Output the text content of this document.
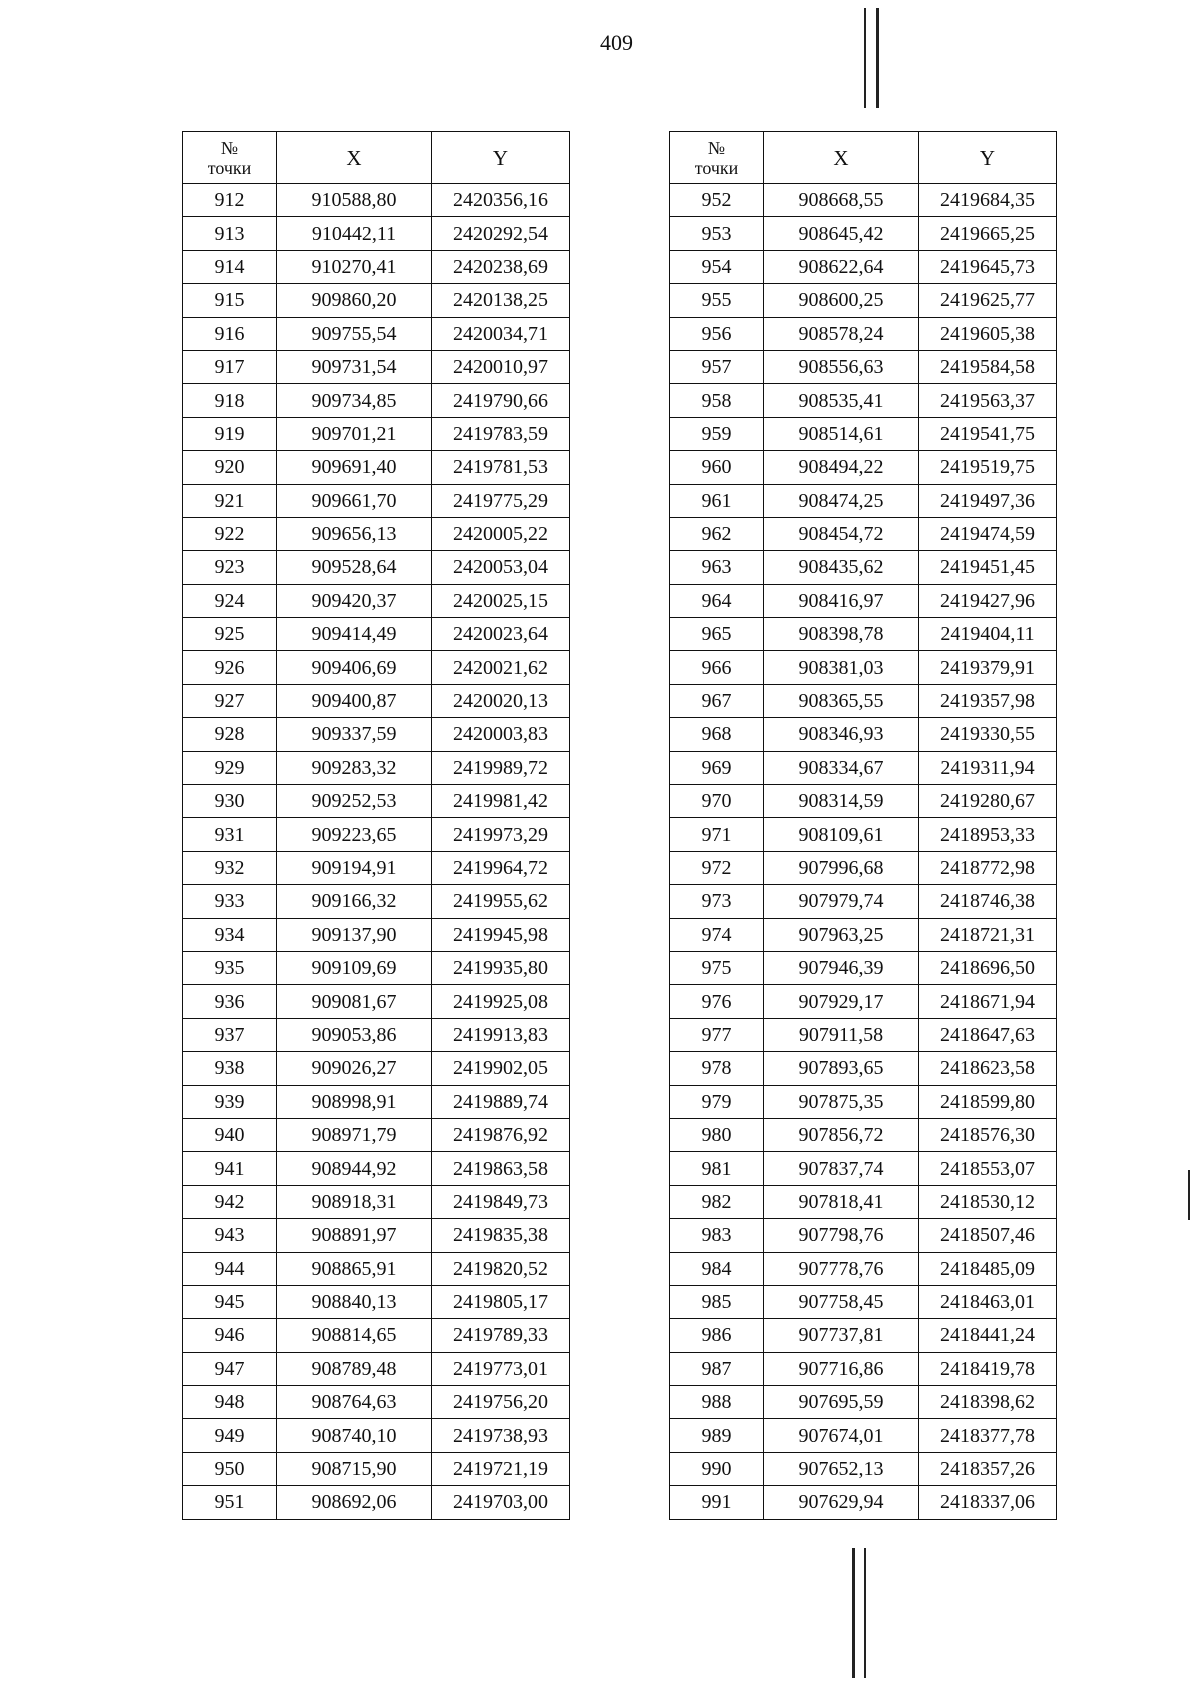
409
№
точки	X	Y
912	910588,80	2420356,16
913	910442,11	2420292,54
914	910270,41	2420238,69
915	909860,20	2420138,25
916	909755,54	2420034,71
917	909731,54	2420010,97
918	909734,85	2419790,66
919	909701,21	2419783,59
920	909691,40	2419781,53
921	909661,70	2419775,29
922	909656,13	2420005,22
923	909528,64	2420053,04
924	909420,37	2420025,15
925	909414,49	2420023,64
926	909406,69	2420021,62
927	909400,87	2420020,13
928	909337,59	2420003,83
929	909283,32	2419989,72
930	909252,53	2419981,42
931	909223,65	2419973,29
932	909194,91	2419964,72
933	909166,32	2419955,62
934	909137,90	2419945,98
935	909109,69	2419935,80
936	909081,67	2419925,08
937	909053,86	2419913,83
938	909026,27	2419902,05
939	908998,91	2419889,74
940	908971,79	2419876,92
941	908944,92	2419863,58
942	908918,31	2419849,73
943	908891,97	2419835,38
944	908865,91	2419820,52
945	908840,13	2419805,17
946	908814,65	2419789,33
947	908789,48	2419773,01
948	908764,63	2419756,20
949	908740,10	2419738,93
950	908715,90	2419721,19
951	908692,06	2419703,00
№
точки	X	Y
952	908668,55	2419684,35
953	908645,42	2419665,25
954	908622,64	2419645,73
955	908600,25	2419625,77
956	908578,24	2419605,38
957	908556,63	2419584,58
958	908535,41	2419563,37
959	908514,61	2419541,75
960	908494,22	2419519,75
961	908474,25	2419497,36
962	908454,72	2419474,59
963	908435,62	2419451,45
964	908416,97	2419427,96
965	908398,78	2419404,11
966	908381,03	2419379,91
967	908365,55	2419357,98
968	908346,93	2419330,55
969	908334,67	2419311,94
970	908314,59	2419280,67
971	908109,61	2418953,33
972	907996,68	2418772,98
973	907979,74	2418746,38
974	907963,25	2418721,31
975	907946,39	2418696,50
976	907929,17	2418671,94
977	907911,58	2418647,63
978	907893,65	2418623,58
979	907875,35	2418599,80
980	907856,72	2418576,30
981	907837,74	2418553,07
982	907818,41	2418530,12
983	907798,76	2418507,46
984	907778,76	2418485,09
985	907758,45	2418463,01
986	907737,81	2418441,24
987	907716,86	2418419,78
988	907695,59	2418398,62
989	907674,01	2418377,78
990	907652,13	2418357,26
991	907629,94	2418337,06
